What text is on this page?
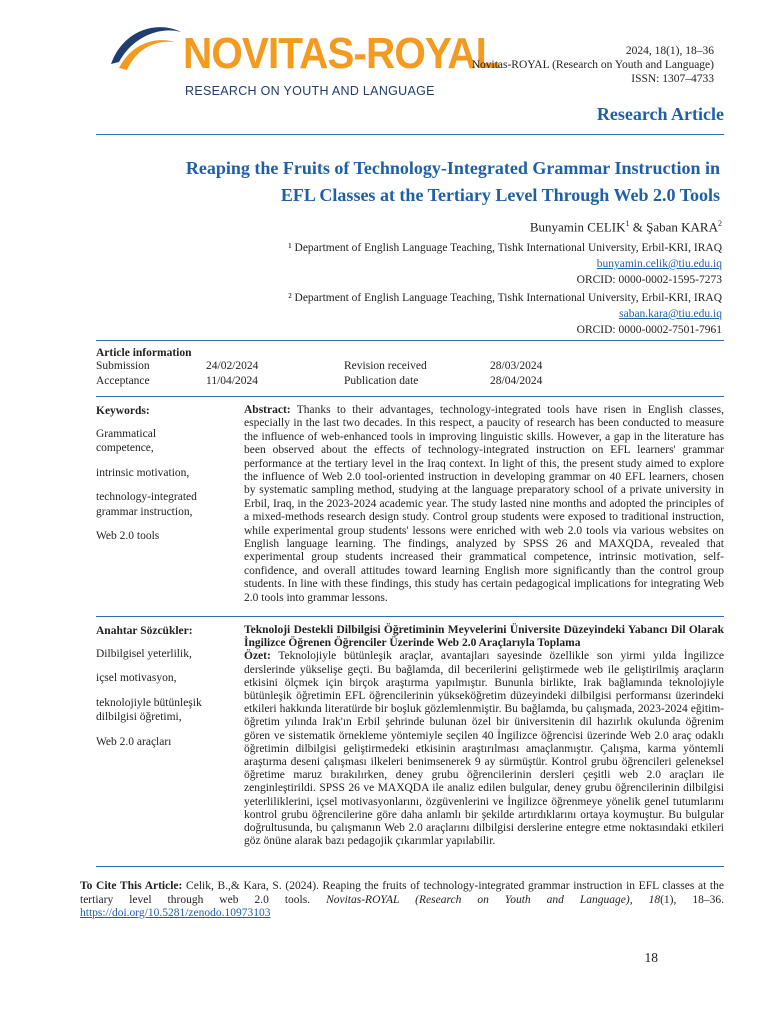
NOVITAS-ROYAL
RESEARCH ON YOUTH AND LANGUAGE
2024, 18(1), 18–36
Novitas-ROYAL (Research on Youth and Language)
ISSN: 1307–4733
Research Article
Reaping the Fruits of Technology-Integrated Grammar Instruction in
EFL Classes at the Tertiary Level Through Web 2.0 Tools
Bunyamin CELIK$^1$ & Şaban KARA$^2$
¹ Department of English Language Teaching, Tishk International University, Erbil-KRI, IRAQ
bunyamin.celik@tiu.edu.iq
ORCID: 0000-0002-1595-7273
² Department of English Language Teaching, Tishk International University, Erbil-KRI, IRAQ
saban.kara@tiu.edu.iq
ORCID: 0000-0002-7501-7961
Article information
Submission	24/02/2024	Revision received	28/03/2024
Acceptance	11/04/2024	Publication date	28/04/2024
Keywords:
Grammatical competence,
intrinsic motivation,
technology-integrated grammar instruction,
Web 2.0 tools
Abstract: Thanks to their advantages, technology-integrated tools have risen in English classes, especially in the last two decades. In this respect, a paucity of research has been conducted to measure the influence of web-enhanced tools in improving linguistic skills. However, a gap in the literature has been observed about the effects of technology-integrated instruction on EFL learners' grammar performance at the tertiary level in the Iraq context. In light of this, the present study aimed to explore the influence of Web 2.0 tool-oriented instruction in developing grammar on 40 EFL learners, chosen by systematic sampling method, studying at the language preparatory school of a private university in Erbil, Iraq, in the 2023-2024 academic year. The study lasted nine months and adopted the principles of a mixed-methods research design study. Control group students were exposed to traditional instruction, while experimental group students' lessons were enriched with web 2.0 tools via various websites on English language learning. The findings, analyzed by SPSS 26 and MAXQDA, revealed that experimental group students increased their grammatical competence, intrinsic motivation, self-confidence, and overall attitudes toward learning English more significantly than the control group students. In line with these findings, this study has certain pedagogical implications for integrating Web 2.0 tools into grammar lessons.
Anahtar Sözcükler:
Dilbilgisel yeterlilik,
içsel motivasyon,
teknolojiyle bütünleşik dilbilgisi öğretimi,
Web 2.0 araçları
Teknoloji Destekli Dilbilgisi Öğretiminin Meyvelerini Üniversite Düzeyindeki Yabancı Dil Olarak İngilizce Öğrenen Öğrenciler Üzerinde Web 2.0 Araçlarıyla Toplama
Özet: Teknolojiyle bütünleşik araçlar, avantajları sayesinde özellikle son yirmi yılda İngilizce derslerinde yükselişe geçti. Bu bağlamda, dil becerilerini geliştirmede web ile geliştirilmiş araçların etkisini ölçmek için birçok araştırma yapılmıştır. Bununla birlikte, Irak bağlamında teknolojiyle bütünleşik öğretimin EFL öğrencilerinin yükseköğretim düzeyindeki dilbilgisi performansı üzerindeki etkileri hakkında literatürde bir boşluk gözlemlenmiştir. Bu bağlamda, bu çalışmada, 2023-2024 eğitim-öğretim yılında Irak'ın Erbil şehrinde bulunan özel bir üniversitenin dil hazırlık okulunda öğrenim gören ve sistematik örnekleme yöntemiyle seçilen 40 İngilizce öğrencisi üzerinde Web 2.0 araç odaklı öğretimin dilbilgisi geliştirmedeki etkisinin araştırılması amaçlanmıştır. Çalışma, karma yöntemli araştırma deseni çalışması ilkeleri benimsenerek 9 ay sürmüştür. Kontrol grubu öğrencileri geleneksel öğretime maruz bırakılırken, deney grubu öğrencilerinin dersleri çeşitli web 2.0 araçları ile zenginleştirildi. SPSS 26 ve MAXQDA ile analiz edilen bulgular, deney grubu öğrencilerinin dilbilgisi yeterliliklerini, içsel motivasyonlarını, özgüvenlerini ve İngilizce öğrenmeye yönelik genel tutumlarını kontrol grubu öğrencilerine göre daha anlamlı bir şekilde artırdıklarını ortaya koymuştur. Bu bulgular doğrultusunda, bu çalışmanın Web 2.0 araçlarını dilbilgisi derslerine entegre etme noktasındaki etkileri göz önüne alarak bazı pedagojik çıkarımlar yapılabilir.
To Cite This Article: Celik, B.,& Kara, S. (2024). Reaping the fruits of technology-integrated grammar instruction in EFL classes at the tertiary level through web 2.0 tools. Novitas-ROYAL (Research on Youth and Language), 18(1), 18–36. https://doi.org/10.5281/zenodo.10973103
18
